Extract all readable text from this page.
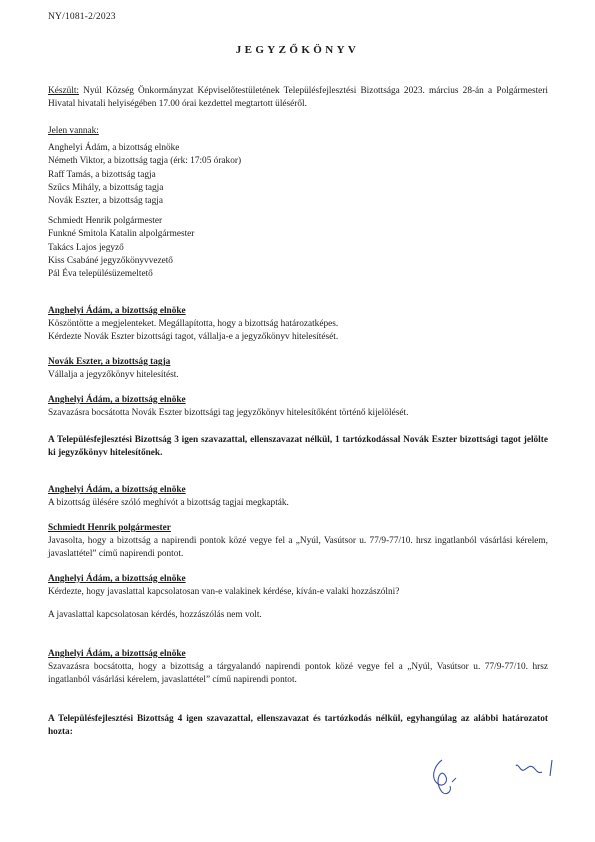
NY/1081-2/2023
JEGYZŐKÖNYV
Készült: Nyúl Község Önkormányzat Képviselőtestületének Településfejlesztési Bizottsága 2023. március 28-án a Polgármesteri Hivatal hivatali helyiségében 17.00 órai kezdettel megtartott üléséről.
Jelen vannak:
Anghelyi Ádám, a bizottság elnöke
Németh Viktor, a bizottság tagja (érk: 17:05 órakor)
Raff Tamás, a bizottság tagja
Szűcs Mihály, a bizottság tagja
Novák Eszter, a bizottság tagja
Schmiedt Henrik polgármester
Funkné Smitola Katalin alpolgármester
Takács Lajos jegyző
Kiss Csabáné jegyzőkönyvvezető
Pál Éva településüzemeltető
Anghelyi Ádám, a bizottság elnöke
Köszöntötte a megjelenteket. Megállapította, hogy a bizottság határozatképes.
Kérdezte Novák Eszter bizottsági tagot, vállalja-e a jegyzőkönyv hitelesítését.
Novák Eszter, a bizottság tagja
Vállalja a jegyzőkönyv hitelesítést.
Anghelyi Ádám, a bizottság elnöke
Szavazásra bocsátotta Novák Eszter bizottsági tag jegyzőkönyv hitelesítőként történő kijelölését.
A Településfejlesztési Bizottság 3 igen szavazattal, ellenszavazat nélkül, 1 tartózkodással Novák Eszter bizottsági tagot jelölte ki jegyzőkönyv hitelesítőnek.
Anghelyi Ádám, a bizottság elnöke
A bizottság ülésére szóló meghívót a bizottság tagjai megkapták.
Schmiedt Henrik polgármester
Javasolta, hogy a bizottság a napirendi pontok közé vegye fel a „Nyúl, Vasútsor u. 77/9-77/10. hrsz ingatlanból vásárlási kérelem, javaslattétel” című napirendi pontot.
Anghelyi Ádám, a bizottság elnöke
Kérdezte, hogy javaslattal kapcsolatosan van-e valakinek kérdése, kíván-e valaki hozzászólni?
A javaslattal kapcsolatosan kérdés, hozzászólás nem volt.
Anghelyi Ádám, a bizottság elnöke
Szavazásra bocsátotta, hogy a bizottság a tárgyalandó napirendi pontok közé vegye fel a „Nyúl, Vasútsor u. 77/9-77/10. hrsz ingatlanból vásárlási kérelem, javaslattétel” című napirendi pontot.
A Településfejlesztési Bizottság 4 igen szavazattal, ellenszavazat és tartózkodás nélkül, egyhangúlag az alábbi határozatot hozta:
